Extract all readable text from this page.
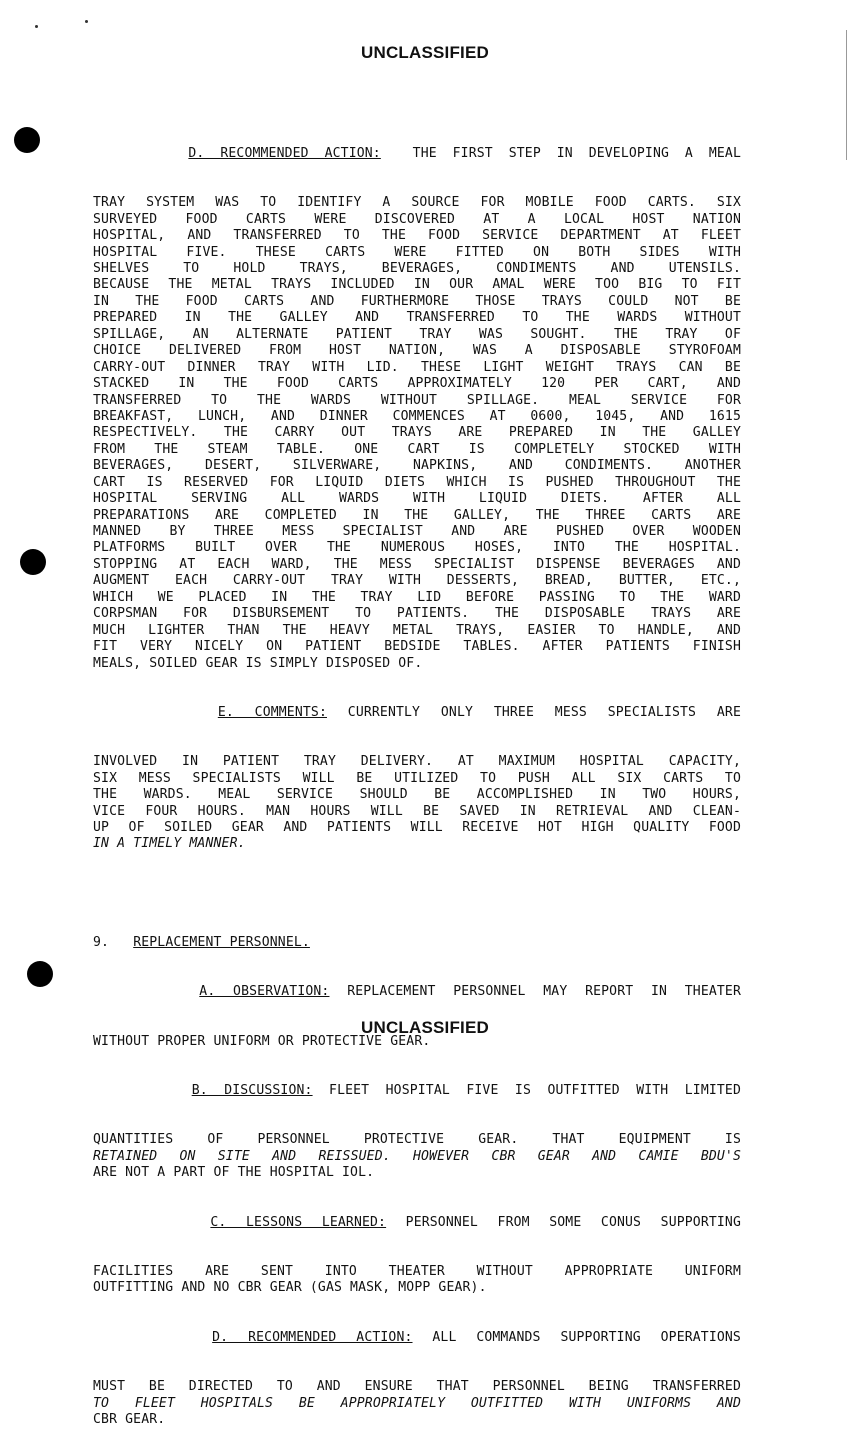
UNCLASSIFIED

D. RECOMMENDED ACTION: THE FIRST STEP IN DEVELOPING A MEAL

TRAY SYSTEM WAS TO IDENTIFY A SOURCE FOR MOBILE FOOD CARTS. SIX
SURVEYED FOOD CARTS WERE DISCOVERED AT A LOCAL HOST NATION
HOSPITAL, AND TRANSFERRED TO THE FOOD SERVICE DEPARTMENT AT FLEET
HOSPITAL FIVE. THESE CARTS WERE FITTED ON BOTH SIDES WITH
SHELVES TO HOLD TRAYS, BEVERAGES, CONDIMENTS AND UTENSILS.
BECAUSE THE METAL TRAYS INCLUDED IN OUR AMAL WERE TOO BIG TO FIT
IN THE FOOD CARTS AND FURTHERMORE THOSE TRAYS COULD NOT BE
PREPARED IN THE GALLEY AND TRANSFERRED TO THE WARDS WITHOUT
SPILLAGE, AN ALTERNATE PATIENT TRAY WAS SOUGHT. THE TRAY OF
CHOICE DELIVERED FROM HOST NATION, WAS A DISPOSABLE STYROFOAM
CARRY-OUT DINNER TRAY WITH LID. THESE LIGHT WEIGHT TRAYS CAN BE
STACKED IN THE FOOD CARTS APPROXIMATELY 120 PER CART, AND
TRANSFERRED TO THE WARDS WITHOUT SPILLAGE. MEAL SERVICE FOR
BREAKFAST, LUNCH, AND DINNER COMMENCES AT 0600, 1045, AND 1615
RESPECTIVELY. THE CARRY OUT TRAYS ARE PREPARED IN THE GALLEY
FROM THE STEAM TABLE. ONE CART IS COMPLETELY STOCKED WITH
BEVERAGES, DESERT, SILVERWARE, NAPKINS, AND CONDIMENTS. ANOTHER
CART IS RESERVED FOR LIQUID DIETS WHICH IS PUSHED THROUGHOUT THE
HOSPITAL SERVING ALL WARDS WITH LIQUID DIETS. AFTER ALL
PREPARATIONS ARE COMPLETED IN THE GALLEY, THE THREE CARTS ARE
MANNED BY THREE MESS SPECIALIST AND ARE PUSHED OVER WOODEN
PLATFORMS BUILT OVER THE NUMEROUS HOSES, INTO THE HOSPITAL.
STOPPING AT EACH WARD, THE MESS SPECIALIST DISPENSE BEVERAGES AND
AUGMENT EACH CARRY-OUT TRAY WITH DESSERTS, BREAD, BUTTER, ETC.,
WHICH WE PLACED IN THE TRAY LID BEFORE PASSING TO THE WARD
CORPSMAN FOR DISBURSEMENT TO PATIENTS. THE DISPOSABLE TRAYS ARE
MUCH LIGHTER THAN THE HEAVY METAL TRAYS, EASIER TO HANDLE, AND
FIT VERY NICELY ON PATIENT BEDSIDE TABLES. AFTER PATIENTS FINISH
MEALS, SOILED GEAR IS SIMPLY DISPOSED OF.

E. COMMENTS: CURRENTLY ONLY THREE MESS SPECIALISTS ARE

INVOLVED IN PATIENT TRAY DELIVERY. AT MAXIMUM HOSPITAL CAPACITY,
SIX MESS SPECIALISTS WILL BE UTILIZED TO PUSH ALL SIX CARTS TO
THE WARDS. MEAL SERVICE SHOULD BE ACCOMPLISHED IN TWO HOURS,
VICE FOUR HOURS. MAN HOURS WILL BE SAVED IN RETRIEVAL AND CLEAN-
UP OF SOILED GEAR AND PATIENTS WILL RECEIVE HOT HIGH QUALITY FOOD
IN A TIMELY MANNER.

9. REPLACEMENT PERSONNEL.

A. OBSERVATION: REPLACEMENT PERSONNEL MAY REPORT IN THEATER

WITHOUT PROPER UNIFORM OR PROTECTIVE GEAR.

B. DISCUSSION: FLEET HOSPITAL FIVE IS OUTFITTED WITH LIMITED

QUANTITIES OF PERSONNEL PROTECTIVE GEAR. THAT EQUIPMENT IS
RETAINED ON SITE AND REISSUED. HOWEVER CBR GEAR AND CAMIE BDU'S
ARE NOT A PART OF THE HOSPITAL IOL.

C. LESSONS LEARNED: PERSONNEL FROM SOME CONUS SUPPORTING

FACILITIES ARE SENT INTO THEATER WITHOUT APPROPRIATE UNIFORM
OUTFITTING AND NO CBR GEAR (GAS MASK, MOPP GEAR).

D. RECOMMENDED ACTION: ALL COMMANDS SUPPORTING OPERATIONS

MUST BE DIRECTED TO AND ENSURE THAT PERSONNEL BEING TRANSFERRED
TO FLEET HOSPITALS BE APPROPRIATELY OUTFITTED WITH UNIFORMS AND
CBR GEAR.

UNCLASSIFIED
